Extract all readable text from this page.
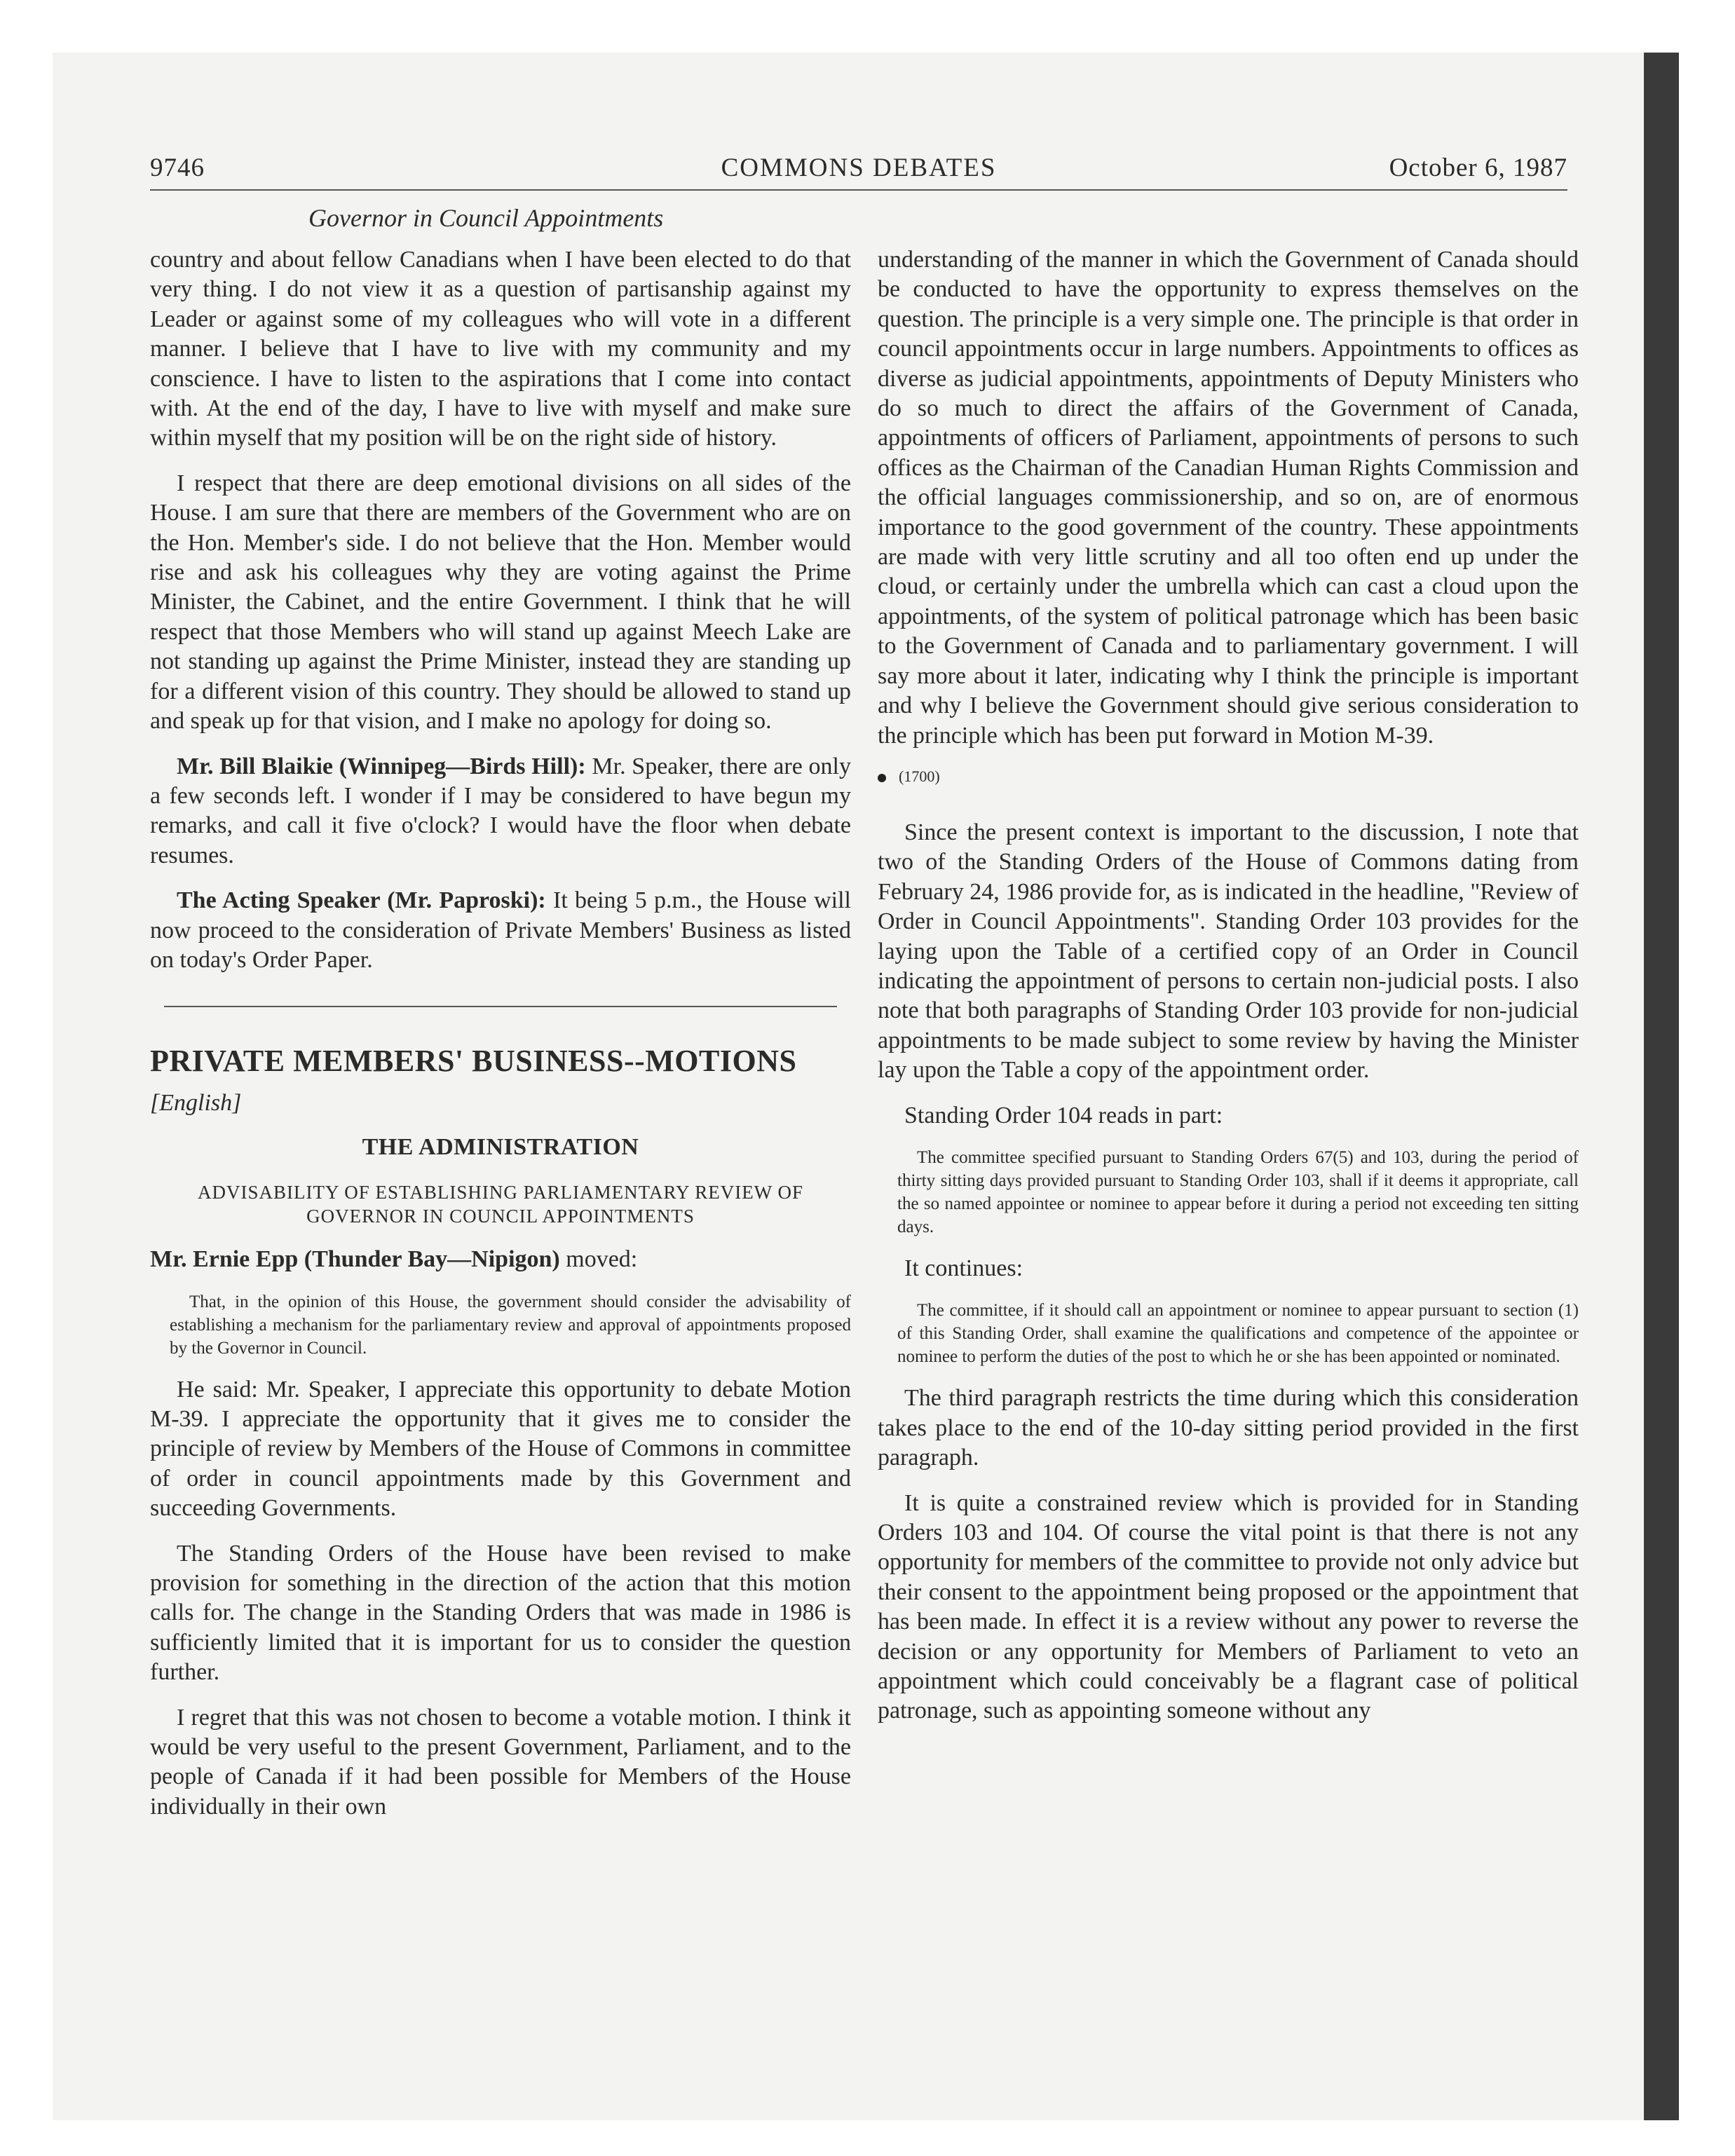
9746	COMMONS DEBATES	October 6, 1987
Governor in Council Appointments

country and about fellow Canadians when I have been elected to do that very thing. I do not view it as a question of partisanship against my Leader or against some of my colleagues who will vote in a different manner. I believe that I have to live with my community and my conscience. I have to listen to the aspirations that I come into contact with. At the end of the day, I have to live with myself and make sure within myself that my position will be on the right side of history.

I respect that there are deep emotional divisions on all sides of the House. I am sure that there are members of the Government who are on the Hon. Member's side. I do not believe that the Hon. Member would rise and ask his colleagues why they are voting against the Prime Minister, the Cabinet, and the entire Government. I think that he will respect that those Members who will stand up against Meech Lake are not standing up against the Prime Minister, instead they are standing up for a different vision of this country. They should be allowed to stand up and speak up for that vision, and I make no apology for doing so.

Mr. Bill Blaikie (Winnipeg—Birds Hill): Mr. Speaker, there are only a few seconds left. I wonder if I may be considered to have begun my remarks, and call it five o'clock? I would have the floor when debate resumes.

The Acting Speaker (Mr. Paproski): It being 5 p.m., the House will now proceed to the consideration of Private Members' Business as listed on today's Order Paper.

PRIVATE MEMBERS' BUSINESS--MOTIONS
[English]
THE ADMINISTRATION
ADVISABILITY OF ESTABLISHING PARLIAMENTARY REVIEW OF GOVERNOR IN COUNCIL APPOINTMENTS

Mr. Ernie Epp (Thunder Bay—Nipigon) moved:

That, in the opinion of this House, the government should consider the advisability of establishing a mechanism for the parliamentary review and approval of appointments proposed by the Governor in Council.

He said: Mr. Speaker, I appreciate this opportunity to debate Motion M-39. I appreciate the opportunity that it gives me to consider the principle of review by Members of the House of Commons in committee of order in council appointments made by this Government and succeeding Governments.

The Standing Orders of the House have been revised to make provision for something in the direction of the action that this motion calls for. The change in the Standing Orders that was made in 1986 is sufficiently limited that it is important for us to consider the question further.

I regret that this was not chosen to become a votable motion. I think it would be very useful to the present Government, Parliament, and to the people of Canada if it had been possible for Members of the House individually in their own

understanding of the manner in which the Government of Canada should be conducted to have the opportunity to express themselves on the question. The principle is a very simple one. The principle is that order in council appointments occur in large numbers. Appointments to offices as diverse as judicial appointments, appointments of Deputy Ministers who do so much to direct the affairs of the Government of Canada, appointments of officers of Parliament, appointments of persons to such offices as the Chairman of the Canadian Human Rights Commission and the official languages commissionership, and so on, are of enormous importance to the good government of the country. These appointments are made with very little scrutiny and all too often end up under the cloud, or certainly under the umbrella which can cast a cloud upon the appointments, of the system of political patronage which has been basic to the Government of Canada and to parliamentary government. I will say more about it later, indicating why I think the principle is important and why I believe the Government should give serious consideration to the principle which has been put forward in Motion M-39.

(1700)

Since the present context is important to the discussion, I note that two of the Standing Orders of the House of Commons dating from February 24, 1986 provide for, as is indicated in the headline, "Review of Order in Council Appointments". Standing Order 103 provides for the laying upon the Table of a certified copy of an Order in Council indicating the appointment of persons to certain non-judicial posts. I also note that both paragraphs of Standing Order 103 provide for non-judicial appointments to be made subject to some review by having the Minister lay upon the Table a copy of the appointment order.

Standing Order 104 reads in part:

The committee specified pursuant to Standing Orders 67(5) and 103, during the period of thirty sitting days provided pursuant to Standing Order 103, shall if it deems it appropriate, call the so named appointee or nominee to appear before it during a period not exceeding ten sitting days.

It continues:

The committee, if it should call an appointment or nominee to appear pursuant to section (1) of this Standing Order, shall examine the qualifications and competence of the appointee or nominee to perform the duties of the post to which he or she has been appointed or nominated.

The third paragraph restricts the time during which this consideration takes place to the end of the 10-day sitting period provided in the first paragraph.

It is quite a constrained review which is provided for in Standing Orders 103 and 104. Of course the vital point is that there is not any opportunity for members of the committee to provide not only advice but their consent to the appointment being proposed or the appointment that has been made. In effect it is a review without any power to reverse the decision or any opportunity for Members of Parliament to veto an appointment which could conceivably be a flagrant case of political patronage, such as appointing someone without any
